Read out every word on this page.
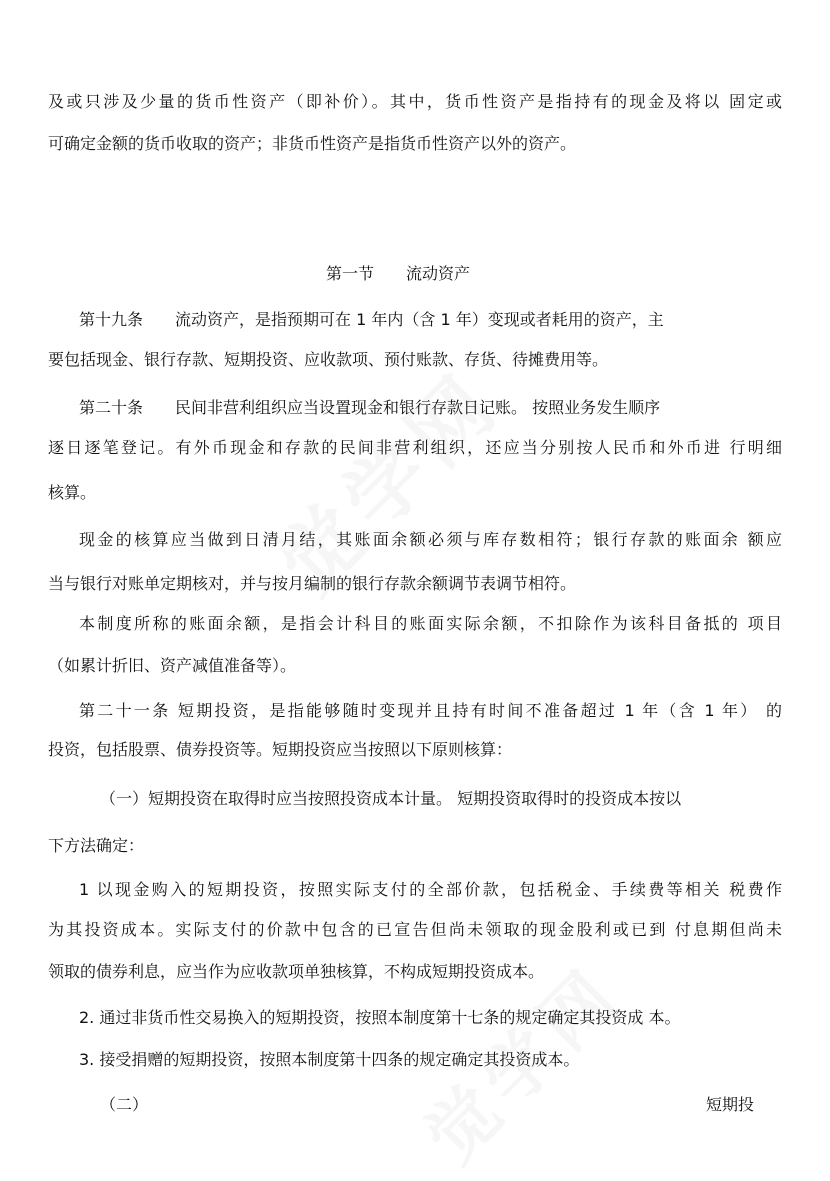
及或只涉及少量的货币性资产（即补价）。其中，货币性资产是指持有的现金及将以 固定或
可确定金额的货币收取的资产；非货币性资产是指货币性资产以外的资产。
第一节　　流动资产
第十九条　　流动资产，是指预期可在 1 年内（含 1 年）变现或者耗用的资产，主
要包括现金、银行存款、短期投资、应收款项、预付账款、存货、待摊费用等。
第二十条　　民间非营利组织应当设置现金和银行存款日记账。 按照业务发生顺序
逐日逐笔登记。有外币现金和存款的民间非营利组织，还应当分别按人民币和外币进 行明细
核算。
现金的核算应当做到日清月结，其账面余额必须与库存数相符；银行存款的账面余 额应
当与银行对账单定期核对，并与按月编制的银行存款余额调节表调节相符。
本制度所称的账面余额，是指会计科目的账面实际余额，不扣除作为该科目备抵的 项目
（如累计折旧、资产减值准备等）。
第二十一条 短期投资，是指能够随时变现并且持有时间不准备超过 1 年（含 1 年） 的
投资，包括股票、债券投资等。短期投资应当按照以下原则核算：
（一）短期投资在取得时应当按照投资成本计量。 短期投资取得时的投资成本按以
下方法确定：
1 以现金购入的短期投资，按照实际支付的全部价款，包括税金、手续费等相关 税费作
为其投资成本。实际支付的价款中包含的已宣告但尚未领取的现金股利或已到 付息期但尚未
领取的债券利息，应当作为应收款项单独核算，不构成短期投资成本。
2. 通过非货币性交易换入的短期投资，按照本制度第十七条的规定确定其投资成 本。
3. 接受捐赠的短期投资，按照本制度第十四条的规定确定其投资成本。
（二）	短期投
